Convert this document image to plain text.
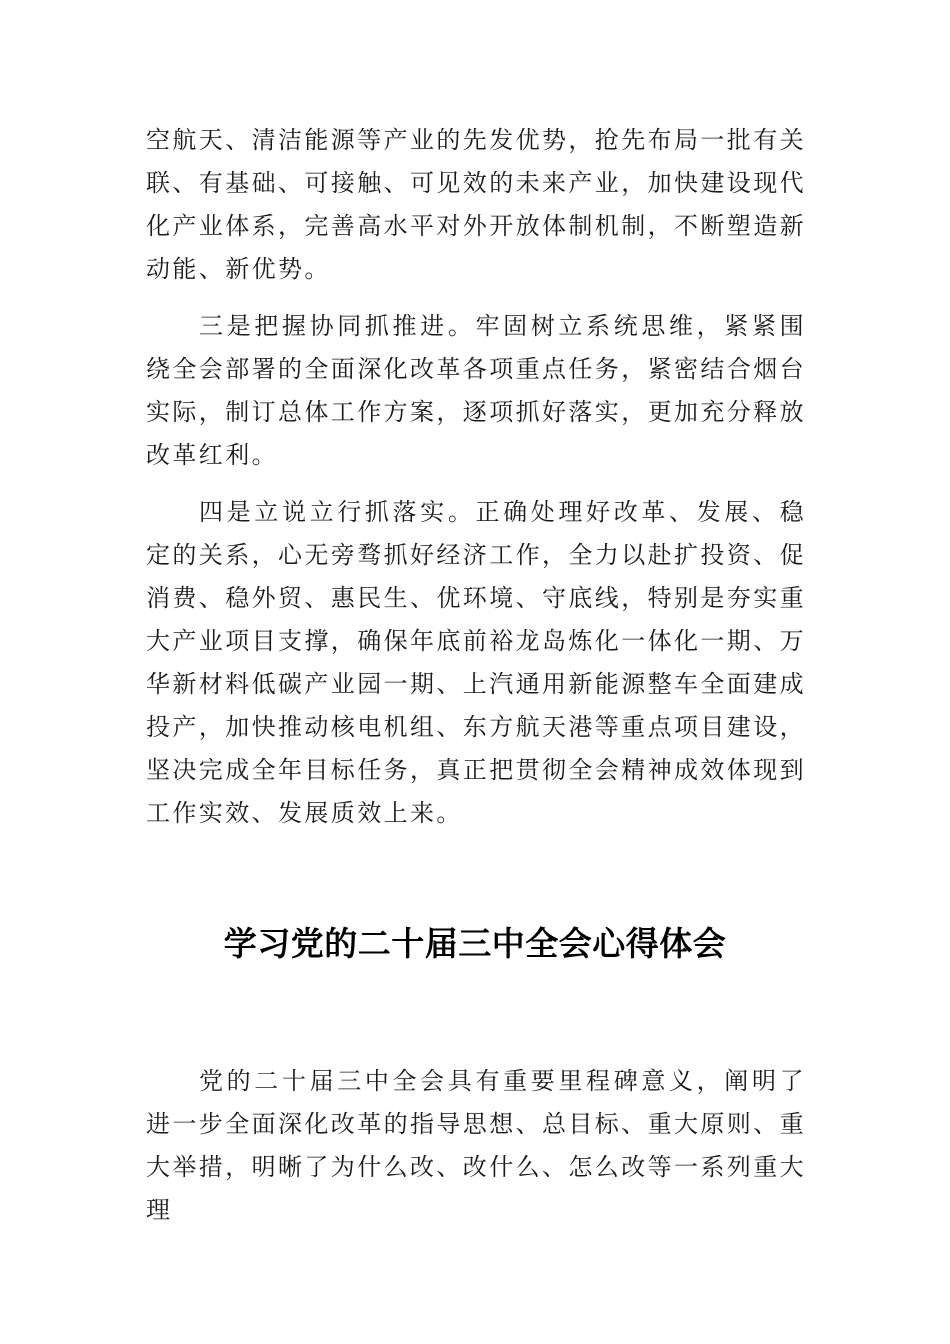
空航天、清洁能源等产业的先发优势，抢先布局一批有关联、有基础、可接触、可见效的未来产业，加快建设现代化产业体系，完善高水平对外开放体制机制，不断塑造新动能、新优势。

三是把握协同抓推进。牢固树立系统思维，紧紧围绕全会部署的全面深化改革各项重点任务，紧密结合烟台实际，制订总体工作方案，逐项抓好落实，更加充分释放改革红利。

四是立说立行抓落实。正确处理好改革、发展、稳定的关系，心无旁骛抓好经济工作，全力以赴扩投资、促消费、稳外贸、惠民生、优环境、守底线，特别是夯实重大产业项目支撑，确保年底前裕龙岛炼化一体化一期、万华新材料低碳产业园一期、上汽通用新能源整车全面建成投产，加快推动核电机组、东方航天港等重点项目建设，坚决完成全年目标任务，真正把贯彻全会精神成效体现到工作实效、发展质效上来。

学习党的二十届三中全会心得体会

党的二十届三中全会具有重要里程碑意义，阐明了进一步全面深化改革的指导思想、总目标、重大原则、重大举措，明晰了为什么改、改什么、怎么改等一系列重大理
